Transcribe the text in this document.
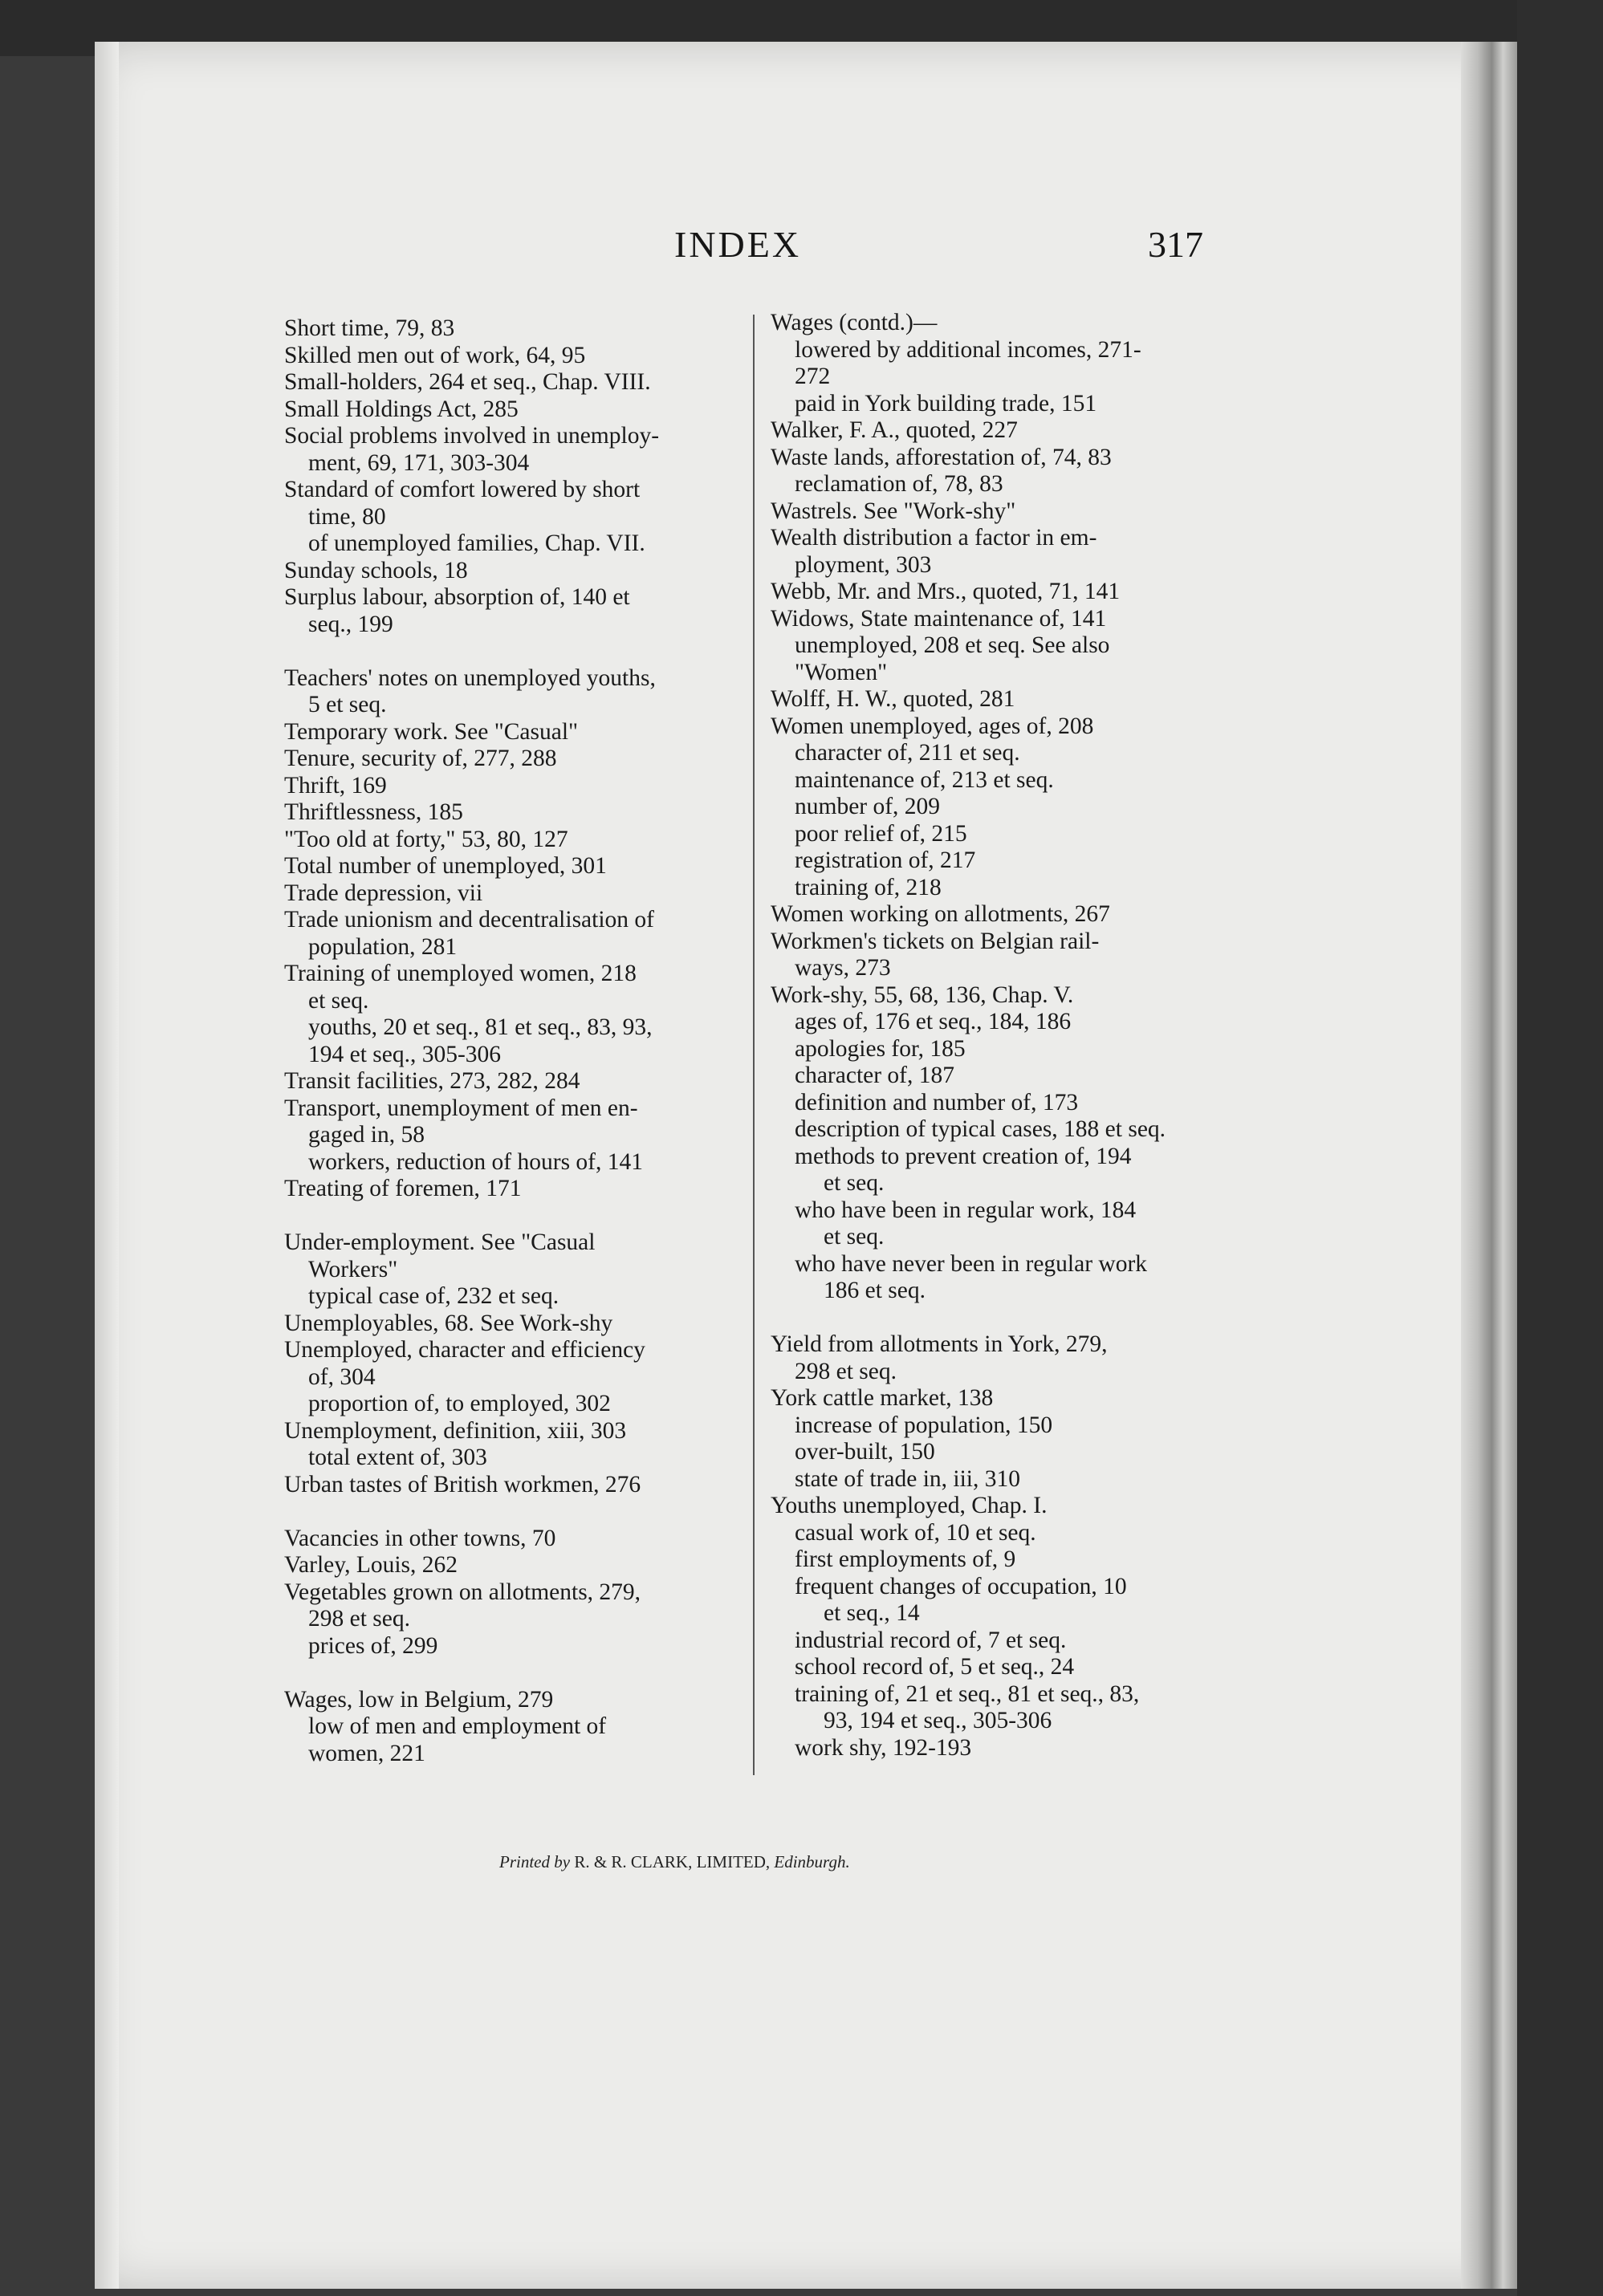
INDEX	317
Short time, 79, 83
Skilled men out of work, 64, 95
Small-holders, 264 et seq., Chap. VIII.
Small Holdings Act, 285
Social problems involved in unemploy-
ment, 69, 171, 303-304
Standard of comfort lowered by short
time, 80
of unemployed families, Chap. VII.
Sunday schools, 18
Surplus labour, absorption of, 140 et
seq., 199
Teachers' notes on unemployed youths,
5 et seq.
Temporary work. See "Casual"
Tenure, security of, 277, 288
Thrift, 169
Thriftlessness, 185
"Too old at forty," 53, 80, 127
Total number of unemployed, 301
Trade depression, vii
Trade unionism and decentralisation of
population, 281
Training of unemployed women, 218
et seq.
youths, 20 et seq., 81 et seq., 83, 93,
194 et seq., 305-306
Transit facilities, 273, 282, 284
Transport, unemployment of men en-
gaged in, 58
workers, reduction of hours of, 141
Treating of foremen, 171
Under-employment. See "Casual
Workers"
typical case of, 232 et seq.
Unemployables, 68. See Work-shy
Unemployed, character and efficiency
of, 304
proportion of, to employed, 302
Unemployment, definition, xiii, 303
total extent of, 303
Urban tastes of British workmen, 276
Vacancies in other towns, 70
Varley, Louis, 262
Vegetables grown on allotments, 279,
298 et seq.
prices of, 299
Wages, low in Belgium, 279
low of men and employment of
women, 221
Wages (contd.)—
lowered by additional incomes, 271-
272
paid in York building trade, 151
Walker, F. A., quoted, 227
Waste lands, afforestation of, 74, 83
reclamation of, 78, 83
Wastrels. See "Work-shy"
Wealth distribution a factor in em-
ployment, 303
Webb, Mr. and Mrs., quoted, 71, 141
Widows, State maintenance of, 141
unemployed, 208 et seq. See also
"Women"
Wolff, H. W., quoted, 281
Women unemployed, ages of, 208
character of, 211 et seq.
maintenance of, 213 et seq.
number of, 209
poor relief of, 215
registration of, 217
training of, 218
Women working on allotments, 267
Workmen's tickets on Belgian rail-
ways, 273
Work-shy, 55, 68, 136, Chap. V.
ages of, 176 et seq., 184, 186
apologies for, 185
character of, 187
definition and number of, 173
description of typical cases, 188 et seq.
methods to prevent creation of, 194
et seq.
who have been in regular work, 184
et seq.
who have never been in regular work
186 et seq.
Yield from allotments in York, 279,
298 et seq.
York cattle market, 138
increase of population, 150
over-built, 150
state of trade in, iii, 310
Youths unemployed, Chap. I.
casual work of, 10 et seq.
first employments of, 9
frequent changes of occupation, 10
et seq., 14
industrial record of, 7 et seq.
school record of, 5 et seq., 24
training of, 21 et seq., 81 et seq., 83,
93, 194 et seq., 305-306
work shy, 192-193
Printed by R. & R. CLARK, LIMITED, Edinburgh.
